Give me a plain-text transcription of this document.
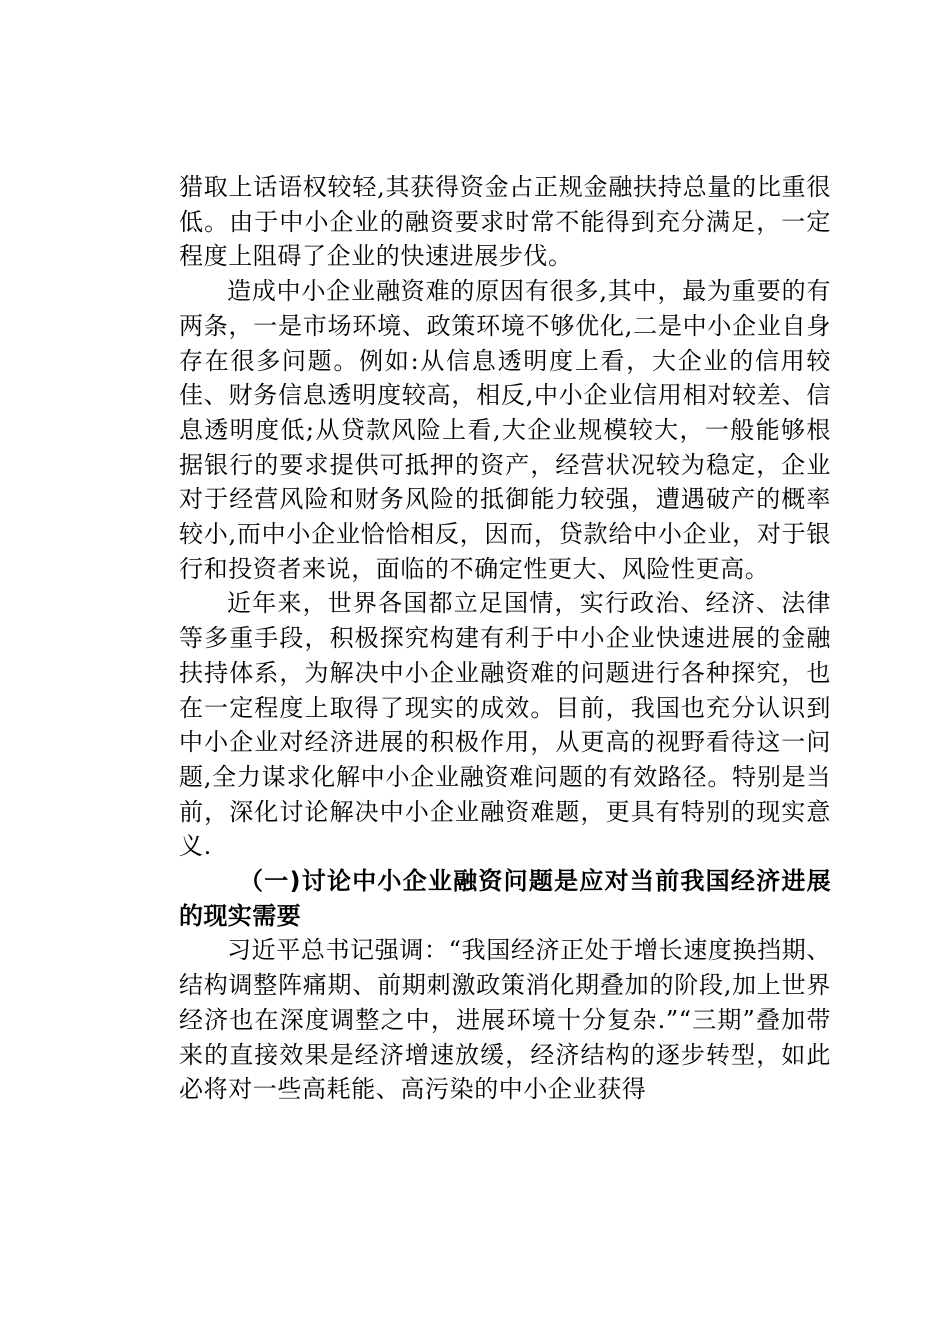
猎取上话语权较轻,其获得资金占正规金融扶持总量的比重很低。由于中小企业的融资要求时常不能得到充分满足，一定程度上阻碍了企业的快速进展步伐。

造成中小企业融资难的原因有很多,其中，最为重要的有两条，一是市场环境、政策环境不够优化,二是中小企业自身存在很多问题。例如:从信息透明度上看，大企业的信用较佳、财务信息透明度较高，相反,中小企业信用相对较差、信息透明度低;从贷款风险上看,大企业规模较大，一般能够根据银行的要求提供可抵押的资产，经营状况较为稳定，企业对于经营风险和财务风险的抵御能力较强，遭遇破产的概率较小,而中小企业恰恰相反，因而，贷款给中小企业，对于银行和投资者来说，面临的不确定性更大、风险性更高。

近年来，世界各国都立足国情，实行政治、经济、法律等多重手段，积极探究构建有利于中小企业快速进展的金融扶持体系，为解决中小企业融资难的问题进行各种探究，也在一定程度上取得了现实的成效。目前，我国也充分认识到中小企业对经济进展的积极作用，从更高的视野看待这一问题,全力谋求化解中小企业融资难问题的有效路径。特别是当前，深化讨论解决中小企业融资难题，更具有特别的现实意义.

（一)讨论中小企业融资问题是应对当前我国经济进展的现实需要

习近平总书记强调：“我国经济正处于增长速度换挡期、结构调整阵痛期、前期刺激政策消化期叠加的阶段,加上世界经济也在深度调整之中，进展环境十分复杂.”“三期”叠加带来的直接效果是经济增速放缓，经济结构的逐步转型，如此必将对一些高耗能、高污染的中小企业获得
